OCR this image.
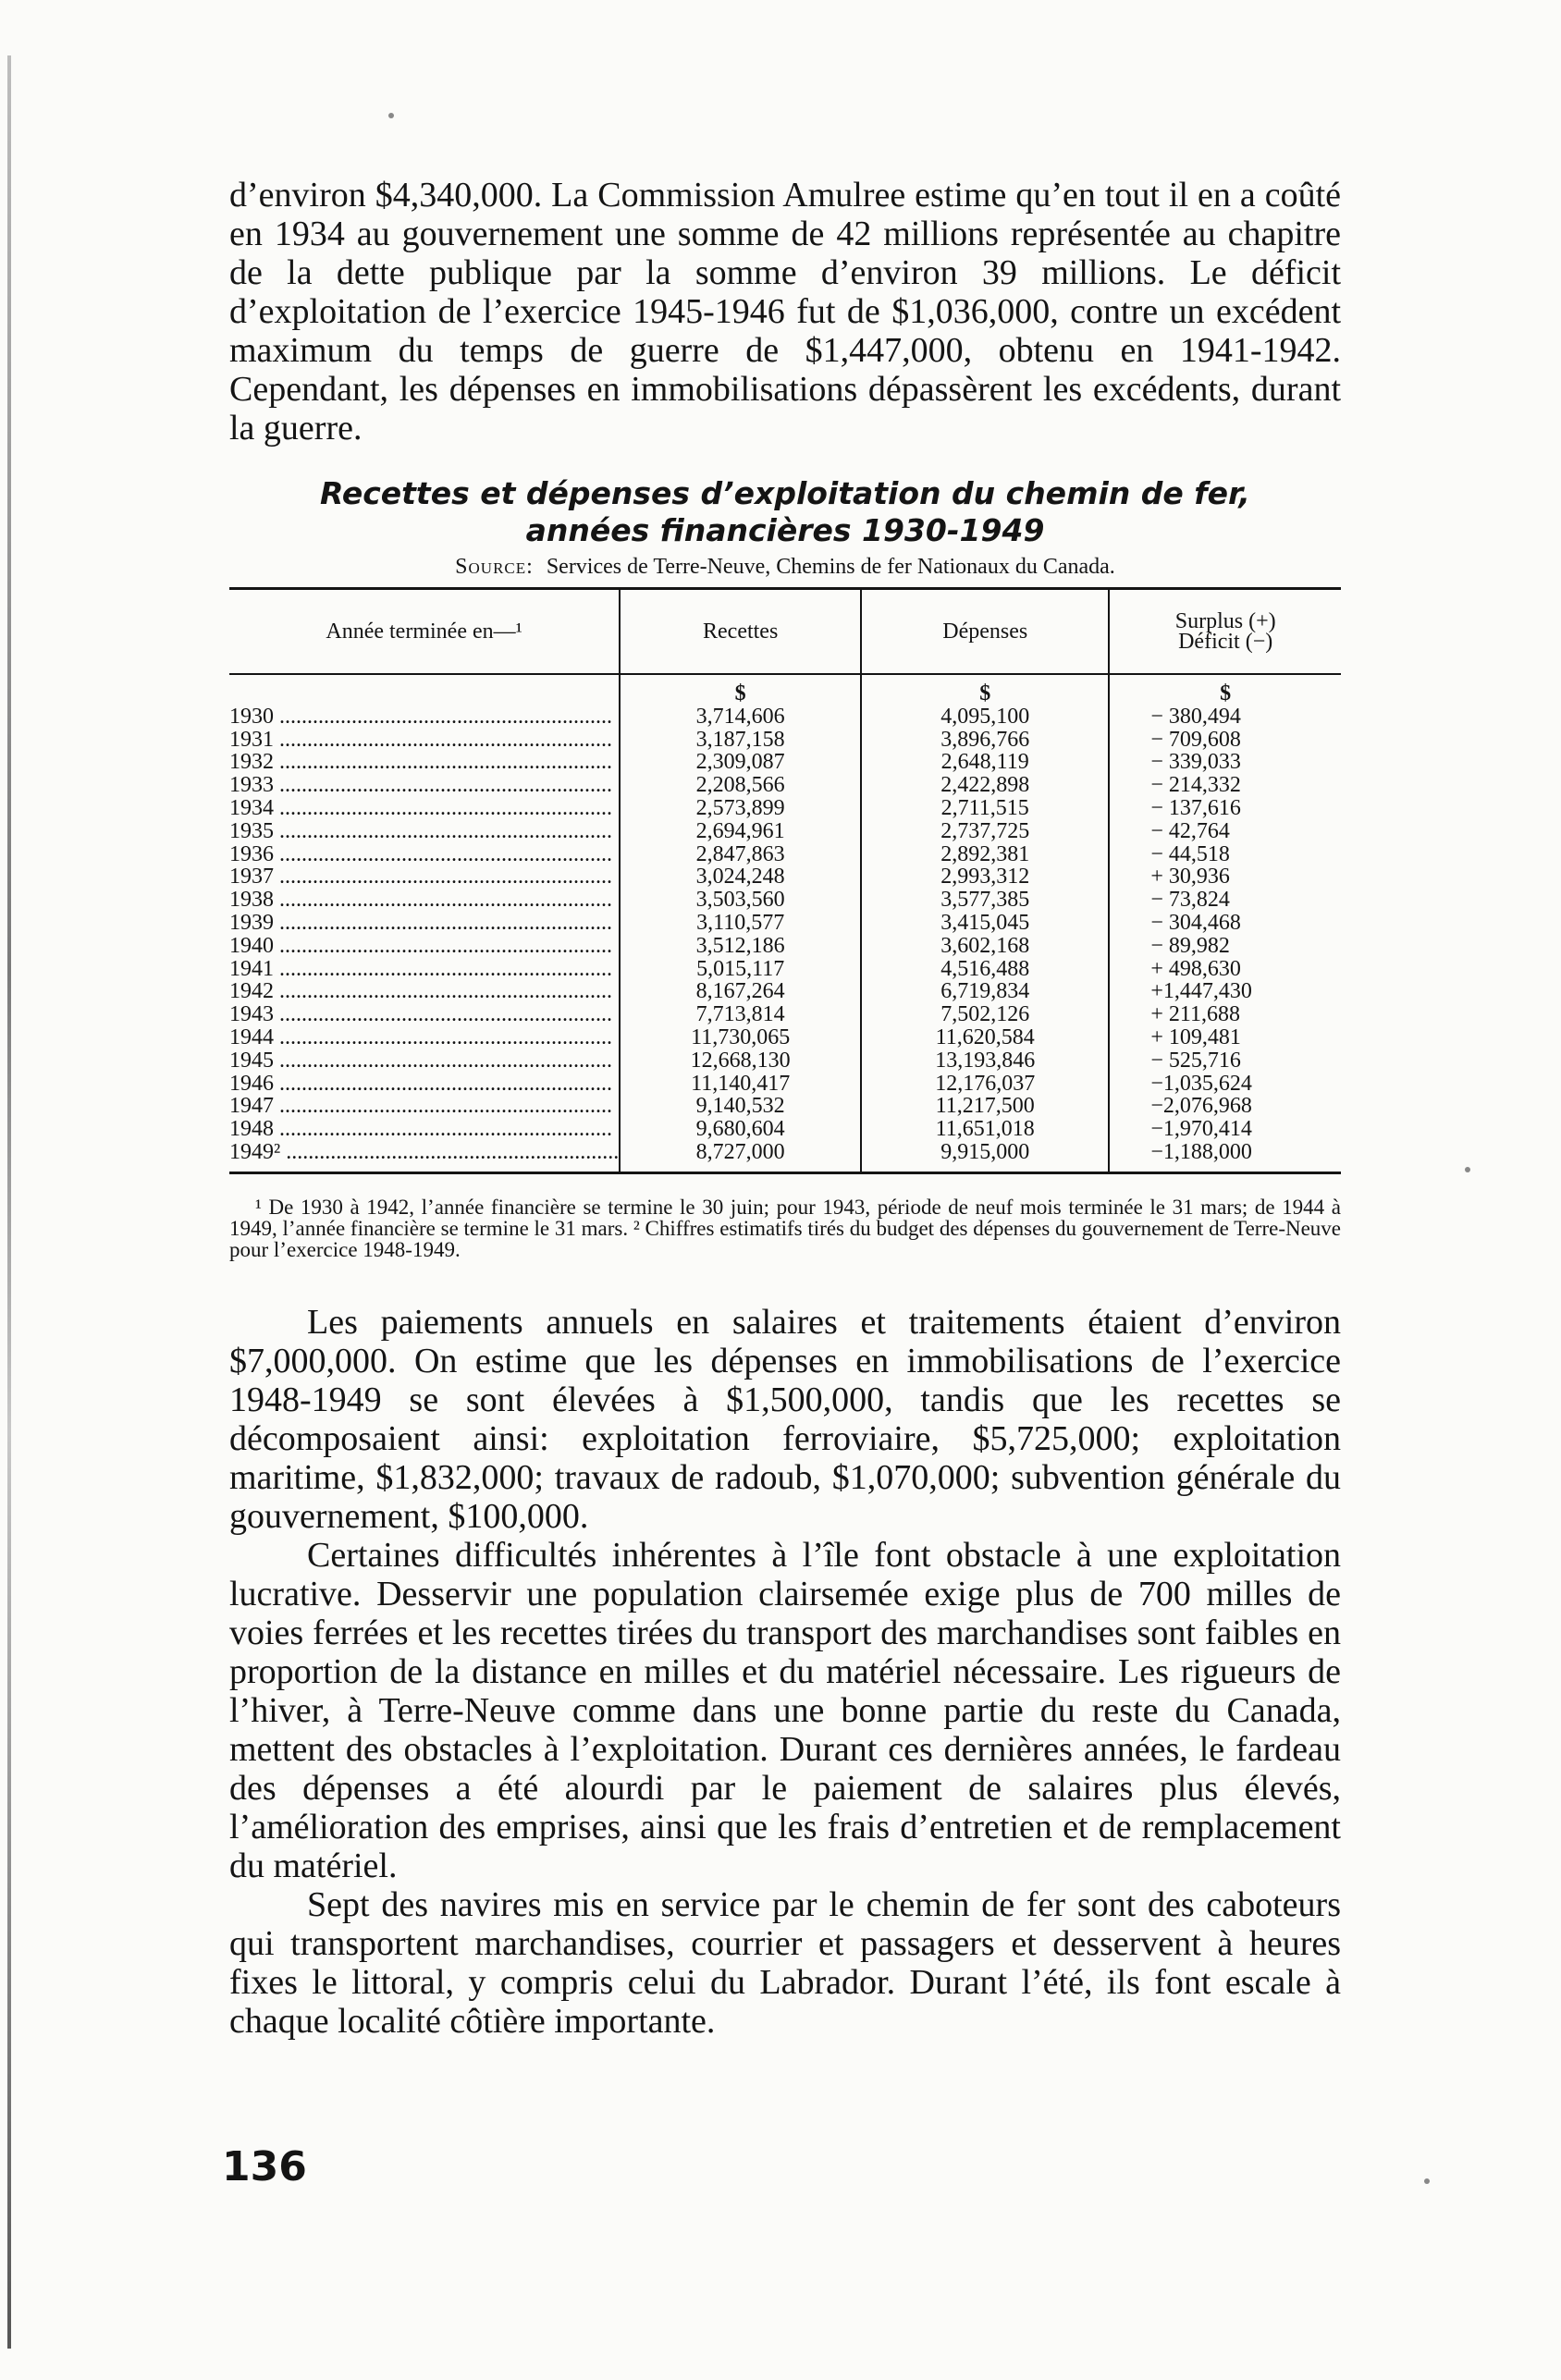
d’environ $4,340,000. La Commission Amulree estime qu’en tout il en a coûté en 1934 au gouvernement une somme de 42 millions représentée au chapitre de la dette publique par la somme d’environ 39 millions. Le déficit d’exploitation de l’exercice 1945-1946 fut de $1,036,000, contre un excédent maximum du temps de guerre de $1,447,000, obtenu en 1941-1942. Cependant, les dépenses en immobilisations dépassèrent les excédents, durant la guerre.

Recettes et dépenses d’exploitation du chemin de fer,

années financières 1930-1949

Source: Services de Terre-Neuve, Chemins de fer Nationaux du Canada.
Année terminée en—¹	Recettes	Dépenses	Surplus (+)
Déficit (−)

	$	$	$
1930 ............................................................	3,714,606	4,095,100	− 380,494
1931 ............................................................	3,187,158	3,896,766	− 709,608
1932 ............................................................	2,309,087	2,648,119	− 339,033
1933 ............................................................	2,208,566	2,422,898	− 214,332
1934 ............................................................	2,573,899	2,711,515	− 137,616
1935 ............................................................	2,694,961	2,737,725	− 42,764
1936 ............................................................	2,847,863	2,892,381	− 44,518
1937 ............................................................	3,024,248	2,993,312	+ 30,936
1938 ............................................................	3,503,560	3,577,385	− 73,824
1939 ............................................................	3,110,577	3,415,045	− 304,468
1940 ............................................................	3,512,186	3,602,168	− 89,982
1941 ............................................................	5,015,117	4,516,488	+ 498,630
1942 ............................................................	8,167,264	6,719,834	+1,447,430
1943 ............................................................	7,713,814	7,502,126	+ 211,688
1944 ............................................................	11,730,065	11,620,584	+ 109,481
1945 ............................................................	12,668,130	13,193,846	− 525,716
1946 ............................................................	11,140,417	12,176,037	−1,035,624
1947 ............................................................	9,140,532	11,217,500	−2,076,968
1948 ............................................................	9,680,604	11,651,018	−1,970,414
1949² ............................................................	8,727,000	9,915,000	−1,188,000
¹ De 1930 à 1942, l’année financière se termine le 30 juin; pour 1943, période de neuf mois terminée le 31 mars; de 1944 à 1949, l’année financière se termine le 31 mars. ² Chiffres estimatifs tirés du budget des dépenses du gouvernement de Terre-Neuve pour l’exercice 1948-1949.

Les paiements annuels en salaires et traitements étaient d’environ $7,000,000. On estime que les dépenses en immobilisations de l’exercice 1948-1949 se sont élevées à $1,500,000, tandis que les recettes se décomposaient ainsi: exploitation ferroviaire, $5,725,000; exploitation maritime, $1,832,000; travaux de radoub, $1,070,000; subvention générale du gouvernement, $100,000.

Certaines difficultés inhérentes à l’île font obstacle à une exploitation lucrative. Desservir une population clairsemée exige plus de 700 milles de voies ferrées et les recettes tirées du transport des marchandises sont faibles en proportion de la distance en milles et du matériel nécessaire. Les rigueurs de l’hiver, à Terre-Neuve comme dans une bonne partie du reste du Canada, mettent des obstacles à l’exploitation. Durant ces dernières années, le fardeau des dépenses a été alourdi par le paiement de salaires plus élevés, l’amélioration des emprises, ainsi que les frais d’entretien et de remplacement du matériel.

Sept des navires mis en service par le chemin de fer sont des caboteurs qui transportent marchandises, courrier et passagers et desservent à heures fixes le littoral, y compris celui du Labrador. Durant l’été, ils font escale à chaque localité côtière importante.

136
